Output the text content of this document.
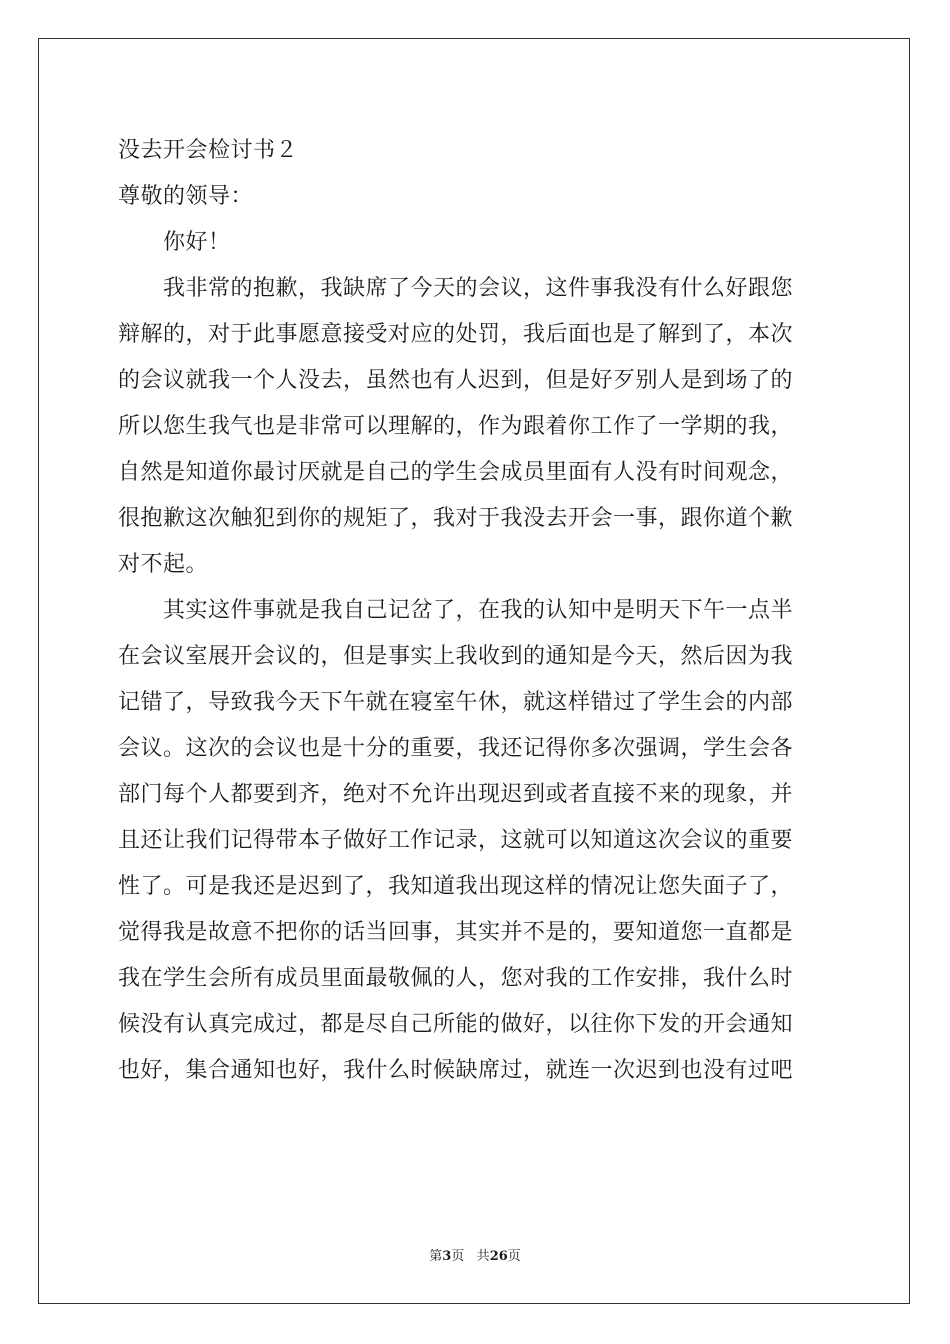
没去开会检讨书２
尊敬的领导：
　　你好！
　　我非常的抱歉，我缺席了今天的会议，这件事我没有什么好跟您
辩解的，对于此事愿意接受对应的处罚，我后面也是了解到了，本次
的会议就我一个人没去，虽然也有人迟到，但是好歹别人是到场了的
所以您生我气也是非常可以理解的，作为跟着你工作了一学期的我，
自然是知道你最讨厌就是自己的学生会成员里面有人没有时间观念，
很抱歉这次触犯到你的规矩了，我对于我没去开会一事，跟你道个歉
对不起。
　　其实这件事就是我自己记岔了，在我的认知中是明天下午一点半
在会议室展开会议的，但是事实上我收到的通知是今天，然后因为我
记错了，导致我今天下午就在寝室午休，就这样错过了学生会的内部
会议。这次的会议也是十分的重要，我还记得你多次强调，学生会各
部门每个人都要到齐，绝对不允许出现迟到或者直接不来的现象，并
且还让我们记得带本子做好工作记录，这就可以知道这次会议的重要
性了。可是我还是迟到了，我知道我出现这样的情况让您失面子了，
觉得我是故意不把你的话当回事，其实并不是的，要知道您一直都是
我在学生会所有成员里面最敬佩的人，您对我的工作安排，我什么时
候没有认真完成过，都是尽自己所能的做好，以往你下发的开会通知
也好，集合通知也好，我什么时候缺席过，就连一次迟到也没有过吧
第3页 共26页
